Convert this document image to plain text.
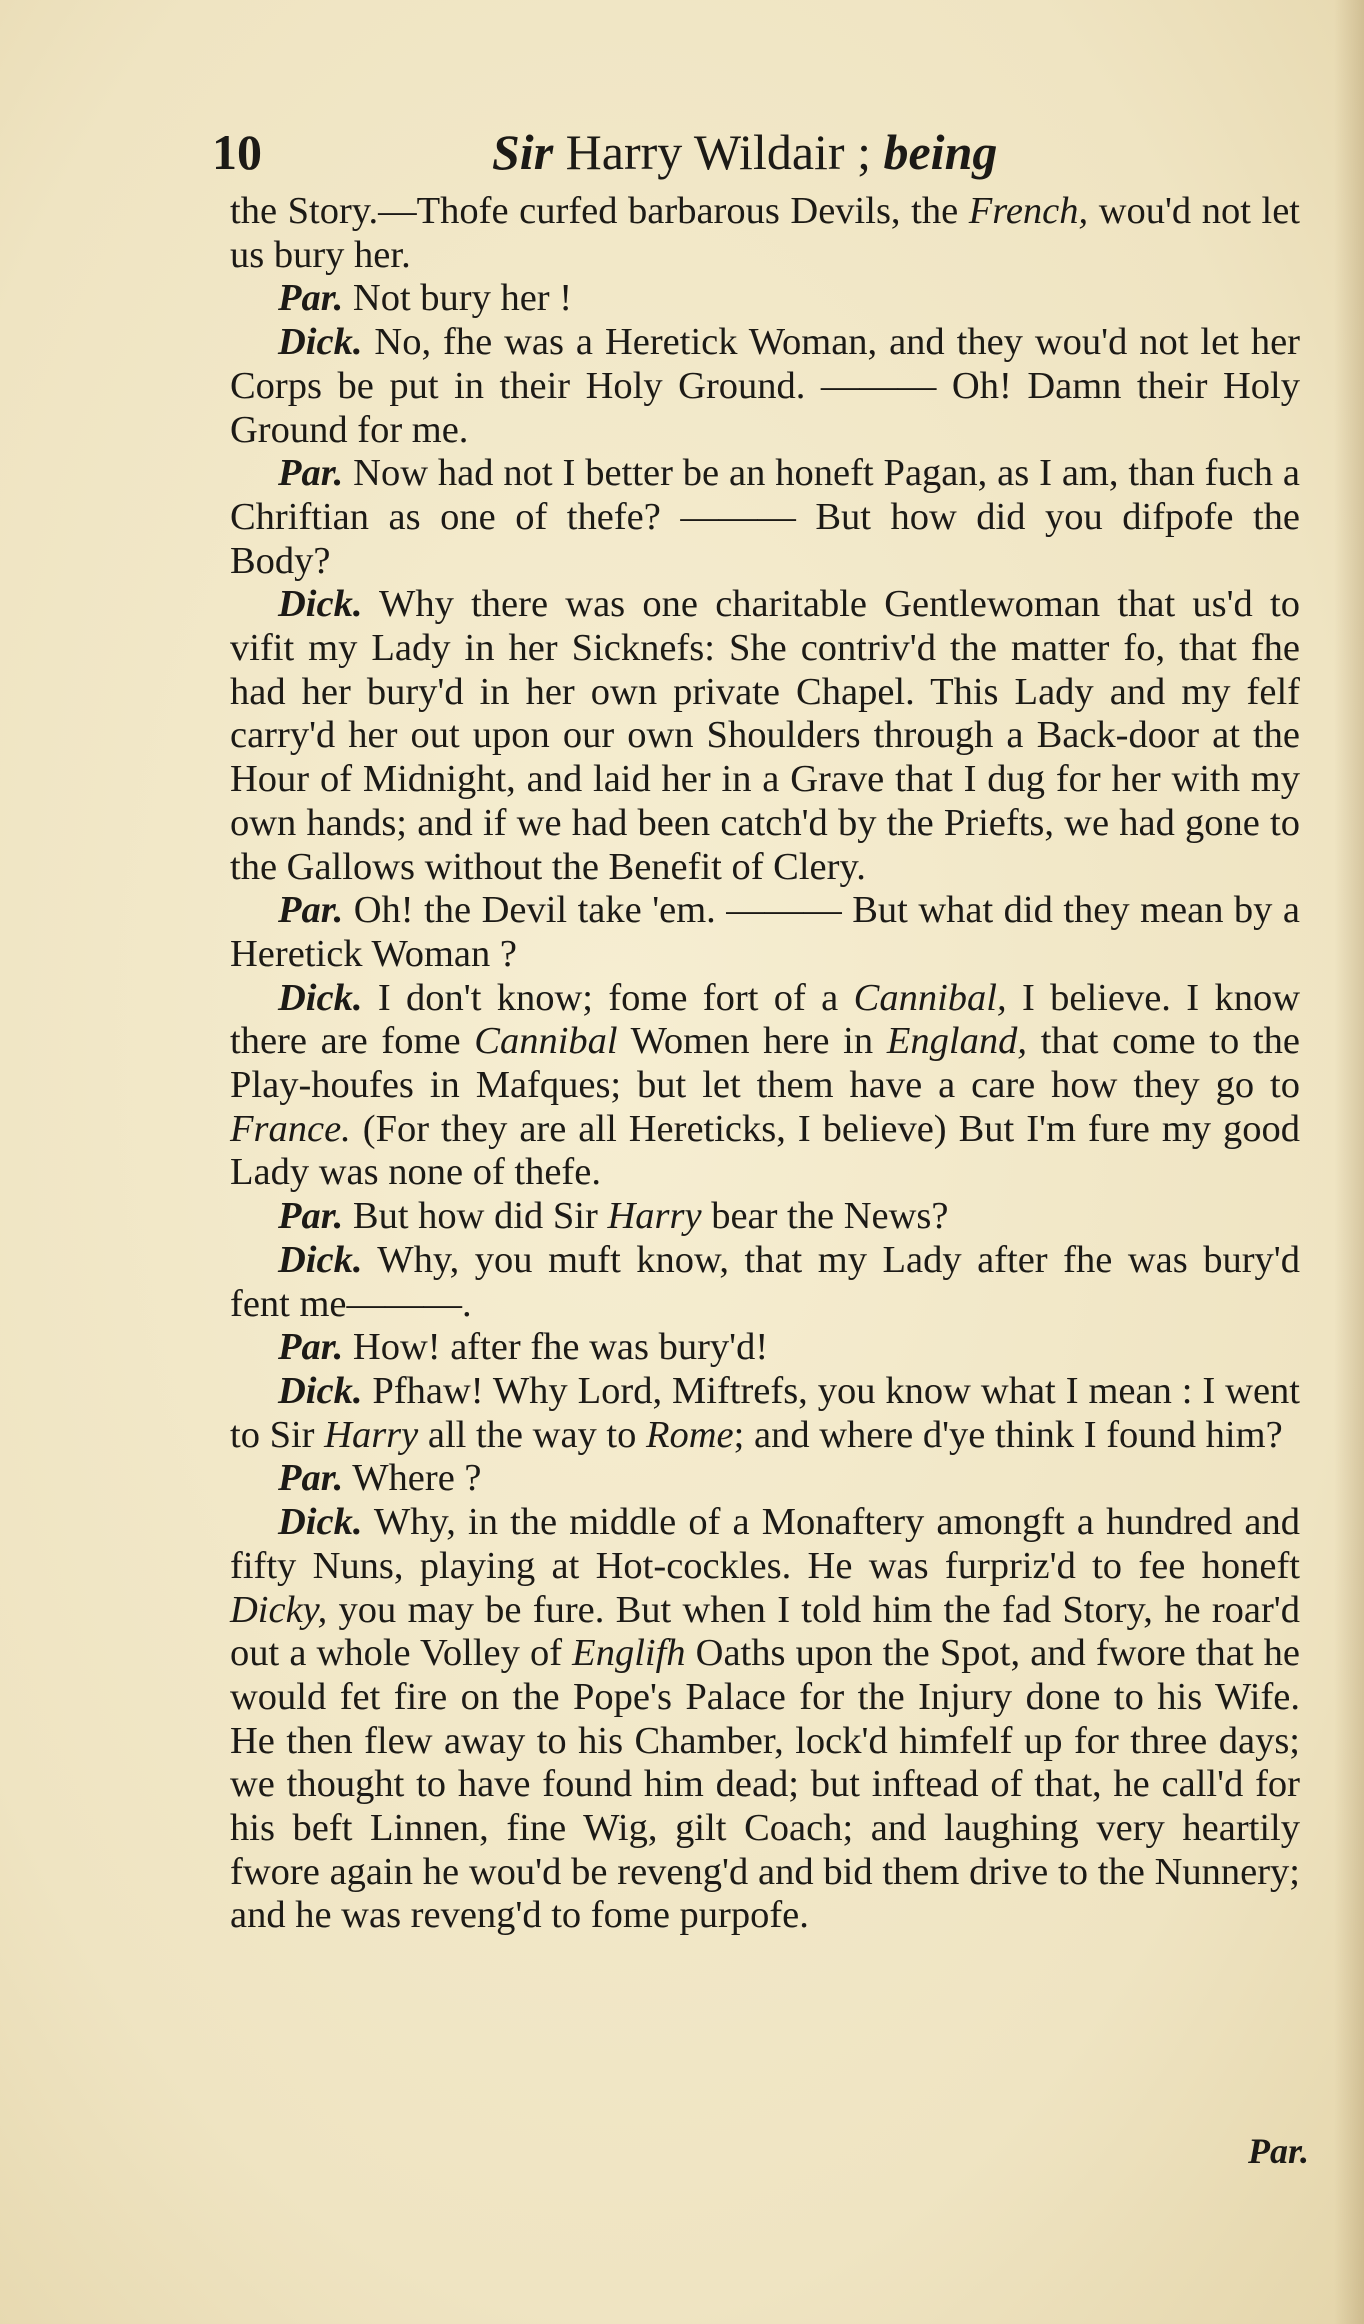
10	Sir Harry Wildair ; being

the Story.—Thofe curfed barbarous Devils, the French, wou'd not let us bury her.

Par. Not bury her !

Dick. No, fhe was a Heretick Woman, and they wou'd not let her Corps be put in their Holy Ground. ——— Oh! Damn their Holy Ground for me.

Par. Now had not I better be an honeft Pagan, as I am, than fuch a Chriftian as one of thefe? ——— But how did you difpofe the Body?

Dick. Why there was one charitable Gentlewoman that us'd to vifit my Lady in her Sicknefs: She contriv'd the matter fo, that fhe had her bury'd in her own private Chapel. This Lady and my felf carry'd her out upon our own Shoulders through a Back-door at the Hour of Midnight, and laid her in a Grave that I dug for her with my own hands; and if we had been catch'd by the Priefts, we had gone to the Gallows without the Benefit of Clery.

Par. Oh! the Devil take 'em. ——— But what did they mean by a Heretick Woman ?

Dick. I don't know; fome fort of a Cannibal, I believe. I know there are fome Cannibal Women here in England, that come to the Play-houfes in Mafques; but let them have a care how they go to France. (For they are all Hereticks, I believe) But I'm fure my good Lady was none of thefe.

Par. But how did Sir Harry bear the News?

Dick. Why, you muft know, that my Lady after fhe was bury'd fent me———.

Par. How! after fhe was bury'd!

Dick. Pfhaw! Why Lord, Miftrefs, you know what I mean : I went to Sir Harry all the way to Rome; and where d'ye think I found him?

Par. Where ?

Dick. Why, in the middle of a Monaftery amongft a hundred and fifty Nuns, playing at Hot-cockles. He was furpriz'd to fee honeft Dicky, you may be fure. But when I told him the fad Story, he roar'd out a whole Volley of Englifh Oaths upon the Spot, and fwore that he would fet fire on the Pope's Palace for the Injury done to his Wife. He then flew away to his Chamber, lock'd himfelf up for three days; we thought to have found him dead; but inftead of that, he call'd for his beft Linnen, fine Wig, gilt Coach; and laughing very heartily fwore again he wou'd be reveng'd and bid them drive to the Nunnery; and he was reveng'd to fome purpofe.

Par.
